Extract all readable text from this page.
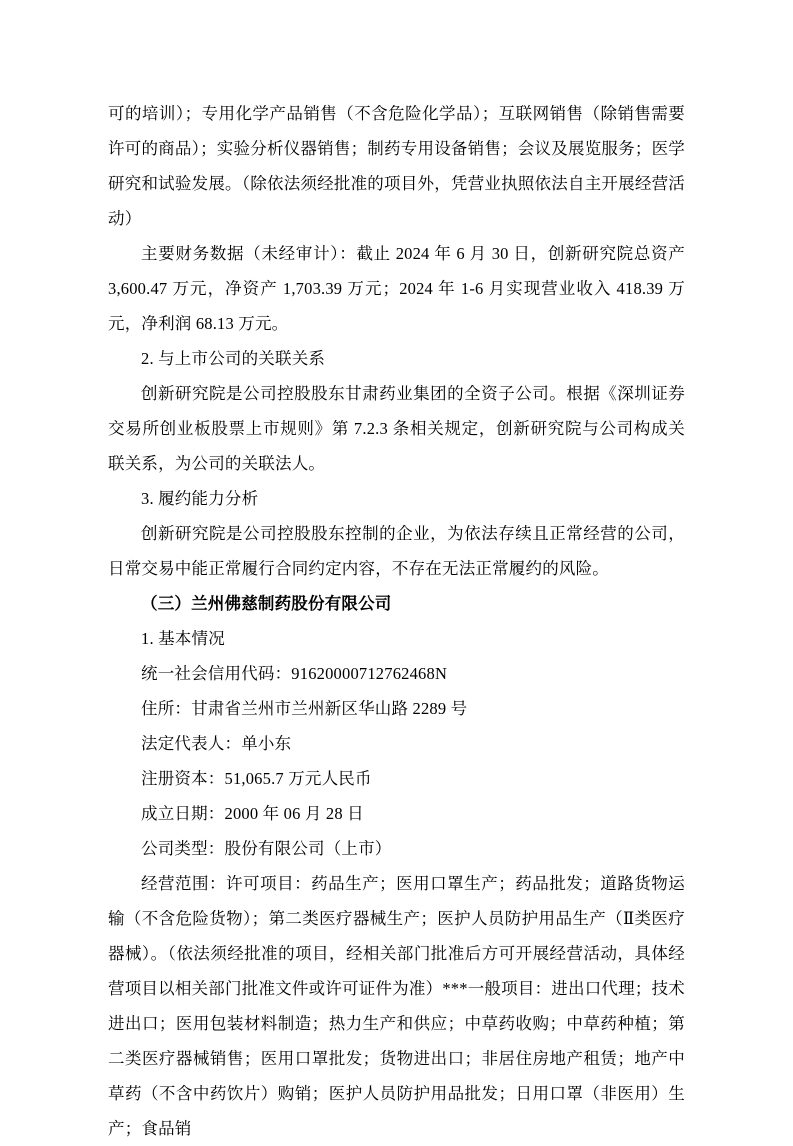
可的培训）；专用化学产品销售（不含危险化学品）；互联网销售（除销售需要许可的商品）；实验分析仪器销售；制药专用设备销售；会议及展览服务；医学研究和试验发展。（除依法须经批准的项目外，凭营业执照依法自主开展经营活动）

主要财务数据（未经审计）：截止 2024 年 6 月 30 日，创新研究院总资产 3,600.47 万元，净资产 1,703.39 万元；2024 年 1-6 月实现营业收入 418.39 万元，净利润 68.13 万元。

2. 与上市公司的关联关系

创新研究院是公司控股股东甘肃药业集团的全资子公司。根据《深圳证券交易所创业板股票上市规则》第 7.2.3 条相关规定，创新研究院与公司构成关联关系，为公司的关联法人。

3. 履约能力分析

创新研究院是公司控股股东控制的企业，为依法存续且正常经营的公司，日常交易中能正常履行合同约定内容，不存在无法正常履约的风险。

（三）兰州佛慈制药股份有限公司

1. 基本情况

统一社会信用代码：91620000712762468N

住所：甘肃省兰州市兰州新区华山路 2289 号

法定代表人：单小东

注册资本：51,065.7 万元人民币

成立日期：2000 年 06 月 28 日

公司类型：股份有限公司（上市）

经营范围：许可项目：药品生产；医用口罩生产；药品批发；道路货物运输（不含危险货物）；第二类医疗器械生产；医护人员防护用品生产（Ⅱ类医疗器械）。（依法须经批准的项目，经相关部门批准后方可开展经营活动，具体经营项目以相关部门批准文件或许可证件为准）***一般项目：进出口代理；技术进出口；医用包装材料制造；热力生产和供应；中草药收购；中草药种植；第二类医疗器械销售；医用口罩批发；货物进出口；非居住房地产租赁；地产中草药（不含中药饮片）购销；医护人员防护用品批发；日用口罩（非医用）生产；食品销
